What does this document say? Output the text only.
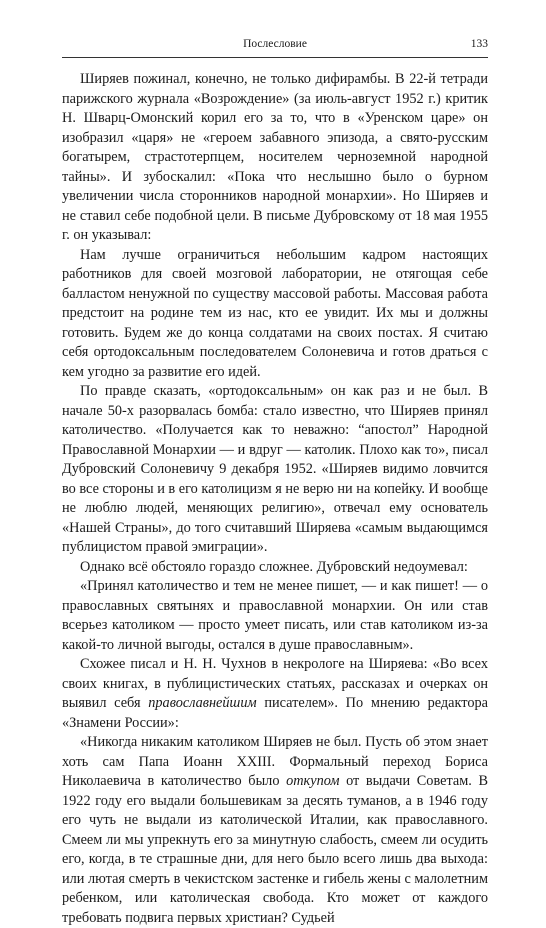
Послесловие	133

Ширяев пожинал, конечно, не только дифирамбы. В 22-й тетради парижского журнала «Возрождение» (за июль-август 1952 г.) критик Н. Шварц-Омонский корил его за то, что в «Уренском царе» он изобразил «царя» не «героем забавного эпизода, а свято-русским богатырем, страстотерпцем, носителем черноземной народной тайны». И зубоскалил: «Пока что неслышно было о бурном увеличении числа сторонников народной монархии». Но Ширяев и не ставил себе подобной цели. В письме Дубровскому от 18 мая 1955 г. он указывал:

Нам лучше ограничиться небольшим кадром настоящих работников для своей мозговой лаборатории, не отягощая себе балластом ненужной по существу массовой работы. Массовая работа предстоит на родине тем из нас, кто ее увидит. Их мы и должны готовить. Будем же до конца солдатами на своих постах. Я считаю себя ортодоксальным последователем Солоневича и готов драться с кем угодно за развитие его идей.

По правде сказать, «ортодоксальным» он как раз и не был. В начале 50-х разорвалась бомба: стало известно, что Ширяев принял католичество. «Получается как то неважно: “апостол” Народной Православной Монархии — и вдруг — католик. Плохо как то», писал Дубровский Солоневичу 9 декабря 1952. «Ширяев видимо ловчится во все стороны и в его католицизм я не верю ни на копейку. И вообще не люблю людей, меняющих религию», отвечал ему основатель «Нашей Страны», до того считавший Ширяева «самым выдающимся публицистом правой эмиграции».

Однако всё обстояло гораздо сложнее. Дубровский недоумевал:

«Принял католичество и тем не менее пишет, — и как пишет! — о православных святынях и православной монархии. Он или став всерьез католиком — просто умеет писать, или став католиком из-за какой-то личной выгоды, остался в душе православным».

Схожее писал и Н. Н. Чухнов в некрологе на Ширяева: «Во всех своих книгах, в публицистических статьях, рассказах и очерках он выявил себя православнейшим писателем». По мнению редактора «Знамени России»:

«Никогда никаким католиком Ширяев не был. Пусть об этом знает хоть сам Папа Иоанн XXIII. Формальный переход Бориса Николаевича в католичество было откупом от выдачи Советам. В 1922 году его выдали большевикам за десять туманов, а в 1946 году его чуть не выдали из католической Италии, как православного. Смеем ли мы упрекнуть его за минутную слабость, смеем ли осудить его, когда, в те страшные дни, для него было всего лишь два выхода: или лютая смерть в чекистском застенке и гибель жены с малолетним ребенком, или католическая свобода. Кто может от каждого требовать подвига первых христиан? Судьей
